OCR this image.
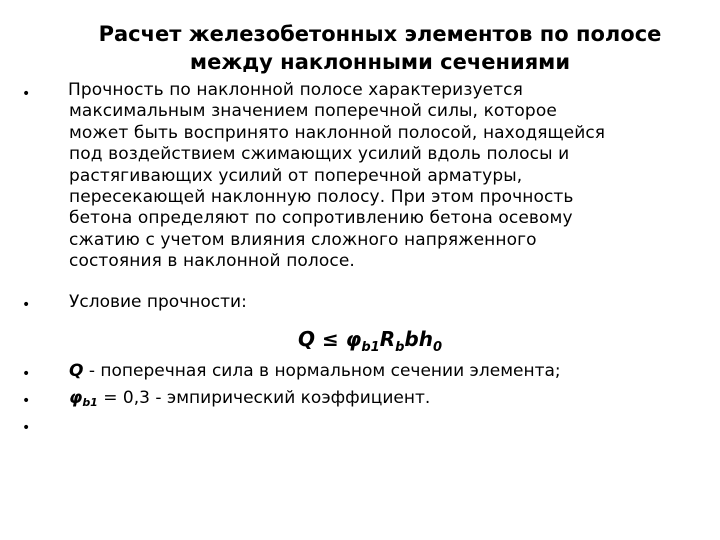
Расчет железобетонных элементов по полосе
между наклонными сечениями
• Прочность по наклонной полосе характеризуется
максимальным значением поперечной силы, которое
может быть воспринято наклонной полосой, находящейся
под воздействием сжимающих усилий вдоль полосы и
растягивающих усилий от поперечной арматуры,
пересекающей наклонную полосу. При этом прочность
бетона определяют по сопротивлению бетона осевому
сжатию с учетом влияния сложного напряженного
состояния в наклонной полосе.
• Условие прочности:
$Q \le \varphi_{b1}R_bbh_0$
• Q - поперечная сила в нормальном сечении элемента;
• $\varphi_{b1} = 0,3$ - эмпирический коэффициент.
•
